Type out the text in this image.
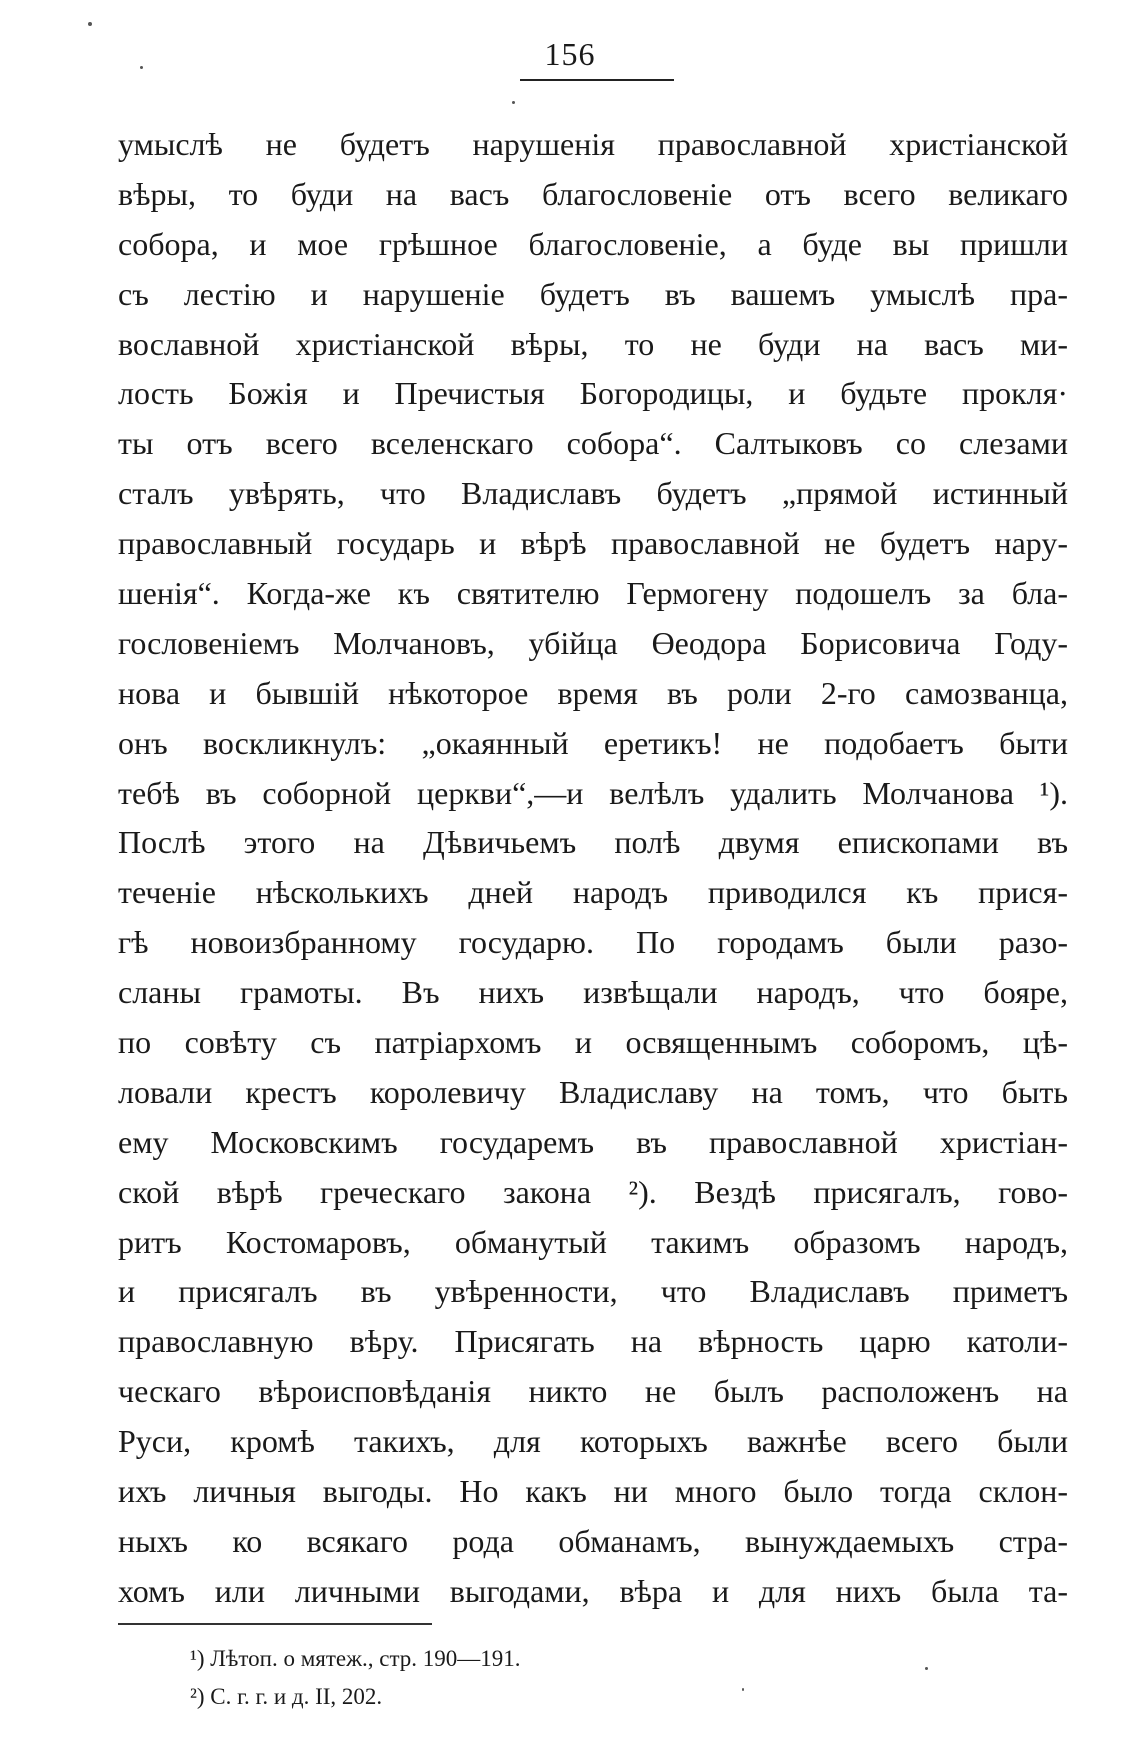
156
умыслѣ не будетъ нарушенія православной христіанской
вѣры, то буди на васъ благословеніе отъ всего великаго
собора, и мое грѣшное благословеніе, а буде вы пришли
съ лестію и нарушеніе будетъ въ вашемъ умыслѣ пра-
вославной христіанской вѣры, то не буди на васъ ми-
лость Божія и Пречистыя Богородицы, и будьте прокля·
ты отъ всего вселенскаго собора“. Салтыковъ со слезами
сталъ увѣрять, что Владиславъ будетъ „прямой истинный
православный государь и вѣрѣ православной не будетъ нару-
шенія“. Когда-же къ святителю Гермогену подошелъ за бла-
гословеніемъ Молчановъ, убійца Өеодора Борисовича Году-
нова и бывшій нѣкоторое время въ роли 2-го самозванца,
онъ воскликнулъ: „окаянный еретикъ! не подобаетъ быти
тебѣ въ соборной церкви“,—и велѣлъ удалить Молчанова ¹).
Послѣ этого на Дѣвичьемъ полѣ двумя епископами въ
теченіе нѣсколькихъ дней народъ приводился къ прися-
гѣ новоизбранному государю. По городамъ были разо-
сланы грамоты. Въ нихъ извѣщали народъ, что бояре,
по совѣту съ патріархомъ и освященнымъ соборомъ, цѣ-
ловали крестъ королевичу Владиславу на томъ, что быть
ему Московскимъ государемъ въ православной христіан-
ской вѣрѣ греческаго закона ²). Вездѣ присягалъ, гово-
ритъ Костомаровъ, обманутый такимъ образомъ народъ,
и присягалъ въ увѣренности, что Владиславъ приметъ
православную вѣру. Присягать на вѣрность царю католи-
ческаго вѣроисповѣданія никто не былъ расположенъ на
Руси, кромѣ такихъ, для которыхъ важнѣе всего были
ихъ личныя выгоды. Но какъ ни много было тогда склон-
ныхъ ко всякаго рода обманамъ, вынуждаемыхъ стра-
хомъ или личными выгодами, вѣра и для нихъ была та-
¹) Лѣтоп. о мятеж., стр. 190—191.
²) С. г. г. и д. II, 202.
